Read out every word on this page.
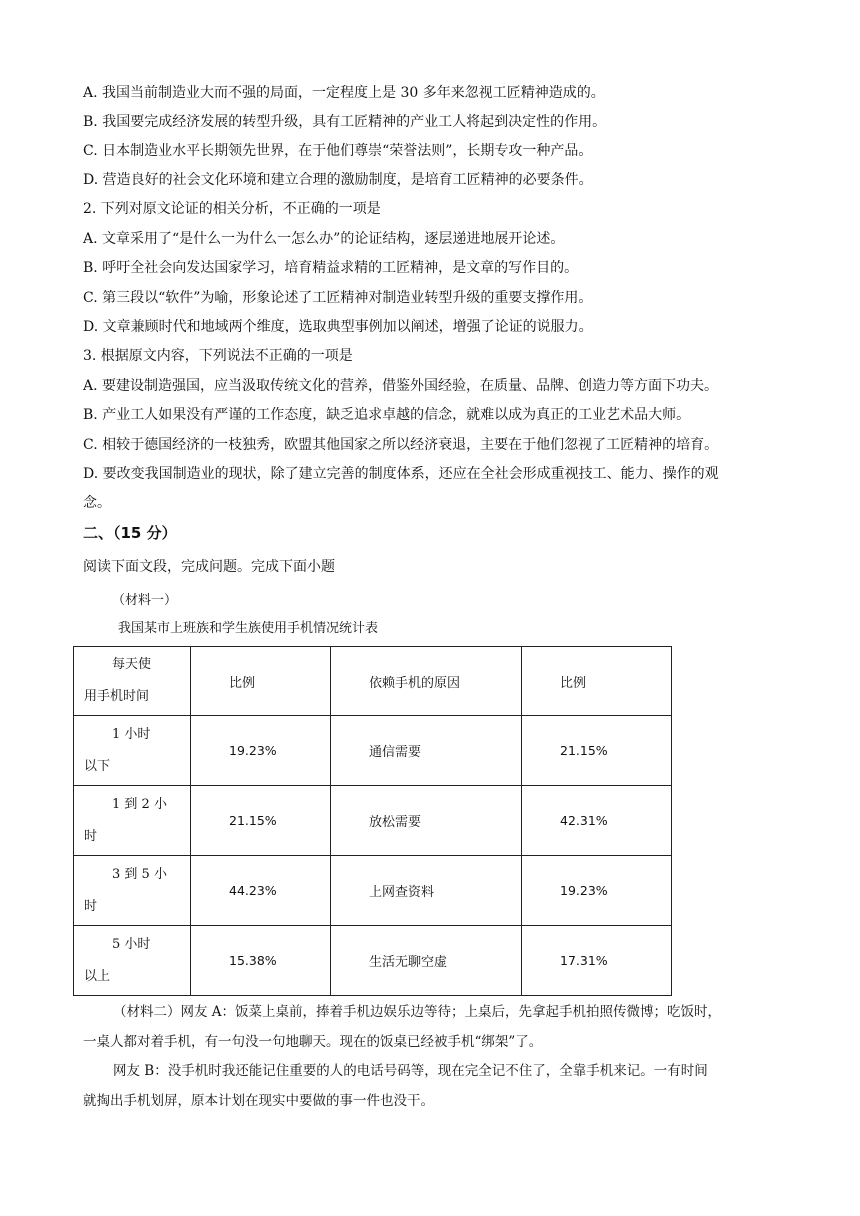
A. 我国当前制造业大而不强的局面，一定程度上是 30 多年来忽视工匠精神造成的。
B. 我国要完成经济发展的转型升级，具有工匠精神的产业工人将起到决定性的作用。
C. 日本制造业水平长期领先世界，在于他们尊崇“荣誉法则”，长期专攻一种产品。
D. 营造良好的社会文化环境和建立合理的激励制度，是培育工匠精神的必要条件。
2. 下列对原文论证的相关分析，不正确的一项是
A. 文章采用了“是什么一为什么一怎么办”的论证结构，逐层递进地展开论述。
B. 呼吁全社会向发达国家学习，培育精益求精的工匠精神，是文章的写作目的。
C. 第三段以“软件”为喻，形象论述了工匠精神对制造业转型升级的重要支撑作用。
D. 文章兼顾时代和地域两个维度，选取典型事例加以阐述，增强了论证的说服力。
3. 根据原文内容，下列说法不正确的一项是
A. 要建设制造强国，应当汲取传统文化的营养，借鉴外国经验，在质量、品牌、创造力等方面下功夫。
B. 产业工人如果没有严谨的工作态度，缺乏追求卓越的信念，就难以成为真正的工业艺术品大师。
C. 相较于德国经济的一枝独秀，欧盟其他国家之所以经济衰退，主要在于他们忽视了工匠精神的培育。
D. 要改变我国制造业的现状，除了建立完善的制度体系，还应在全社会形成重视技工、能力、操作的观
念。
二、（15 分）
阅读下面文段，完成问题。完成下面小题
（材料一）
我国某市上班族和学生族使用手机情况统计表
每天使
用手机时间	比例	依赖手机的原因	比例

1 小时
以下	19.23%	通信需要	21.15%

1 到 2 小
时	21.15%	放松需要	42.31%

3 到 5 小
时	44.23%	上网查资料	19.23%

5 小时
以上	15.38%	生活无聊空虚	17.31%
（材料二）网友 A：饭菜上桌前，捧着手机边娱乐边等待；上桌后，先拿起手机拍照传微博；吃饭时，
一桌人都对着手机，有一句没一句地聊天。现在的饭桌已经被手机“绑架”了。
网友 B：没手机时我还能记住重要的人的电话号码等，现在完全记不住了，全靠手机来记。一有时间
就掏出手机划屏，原本计划在现实中要做的事一件也没干。
